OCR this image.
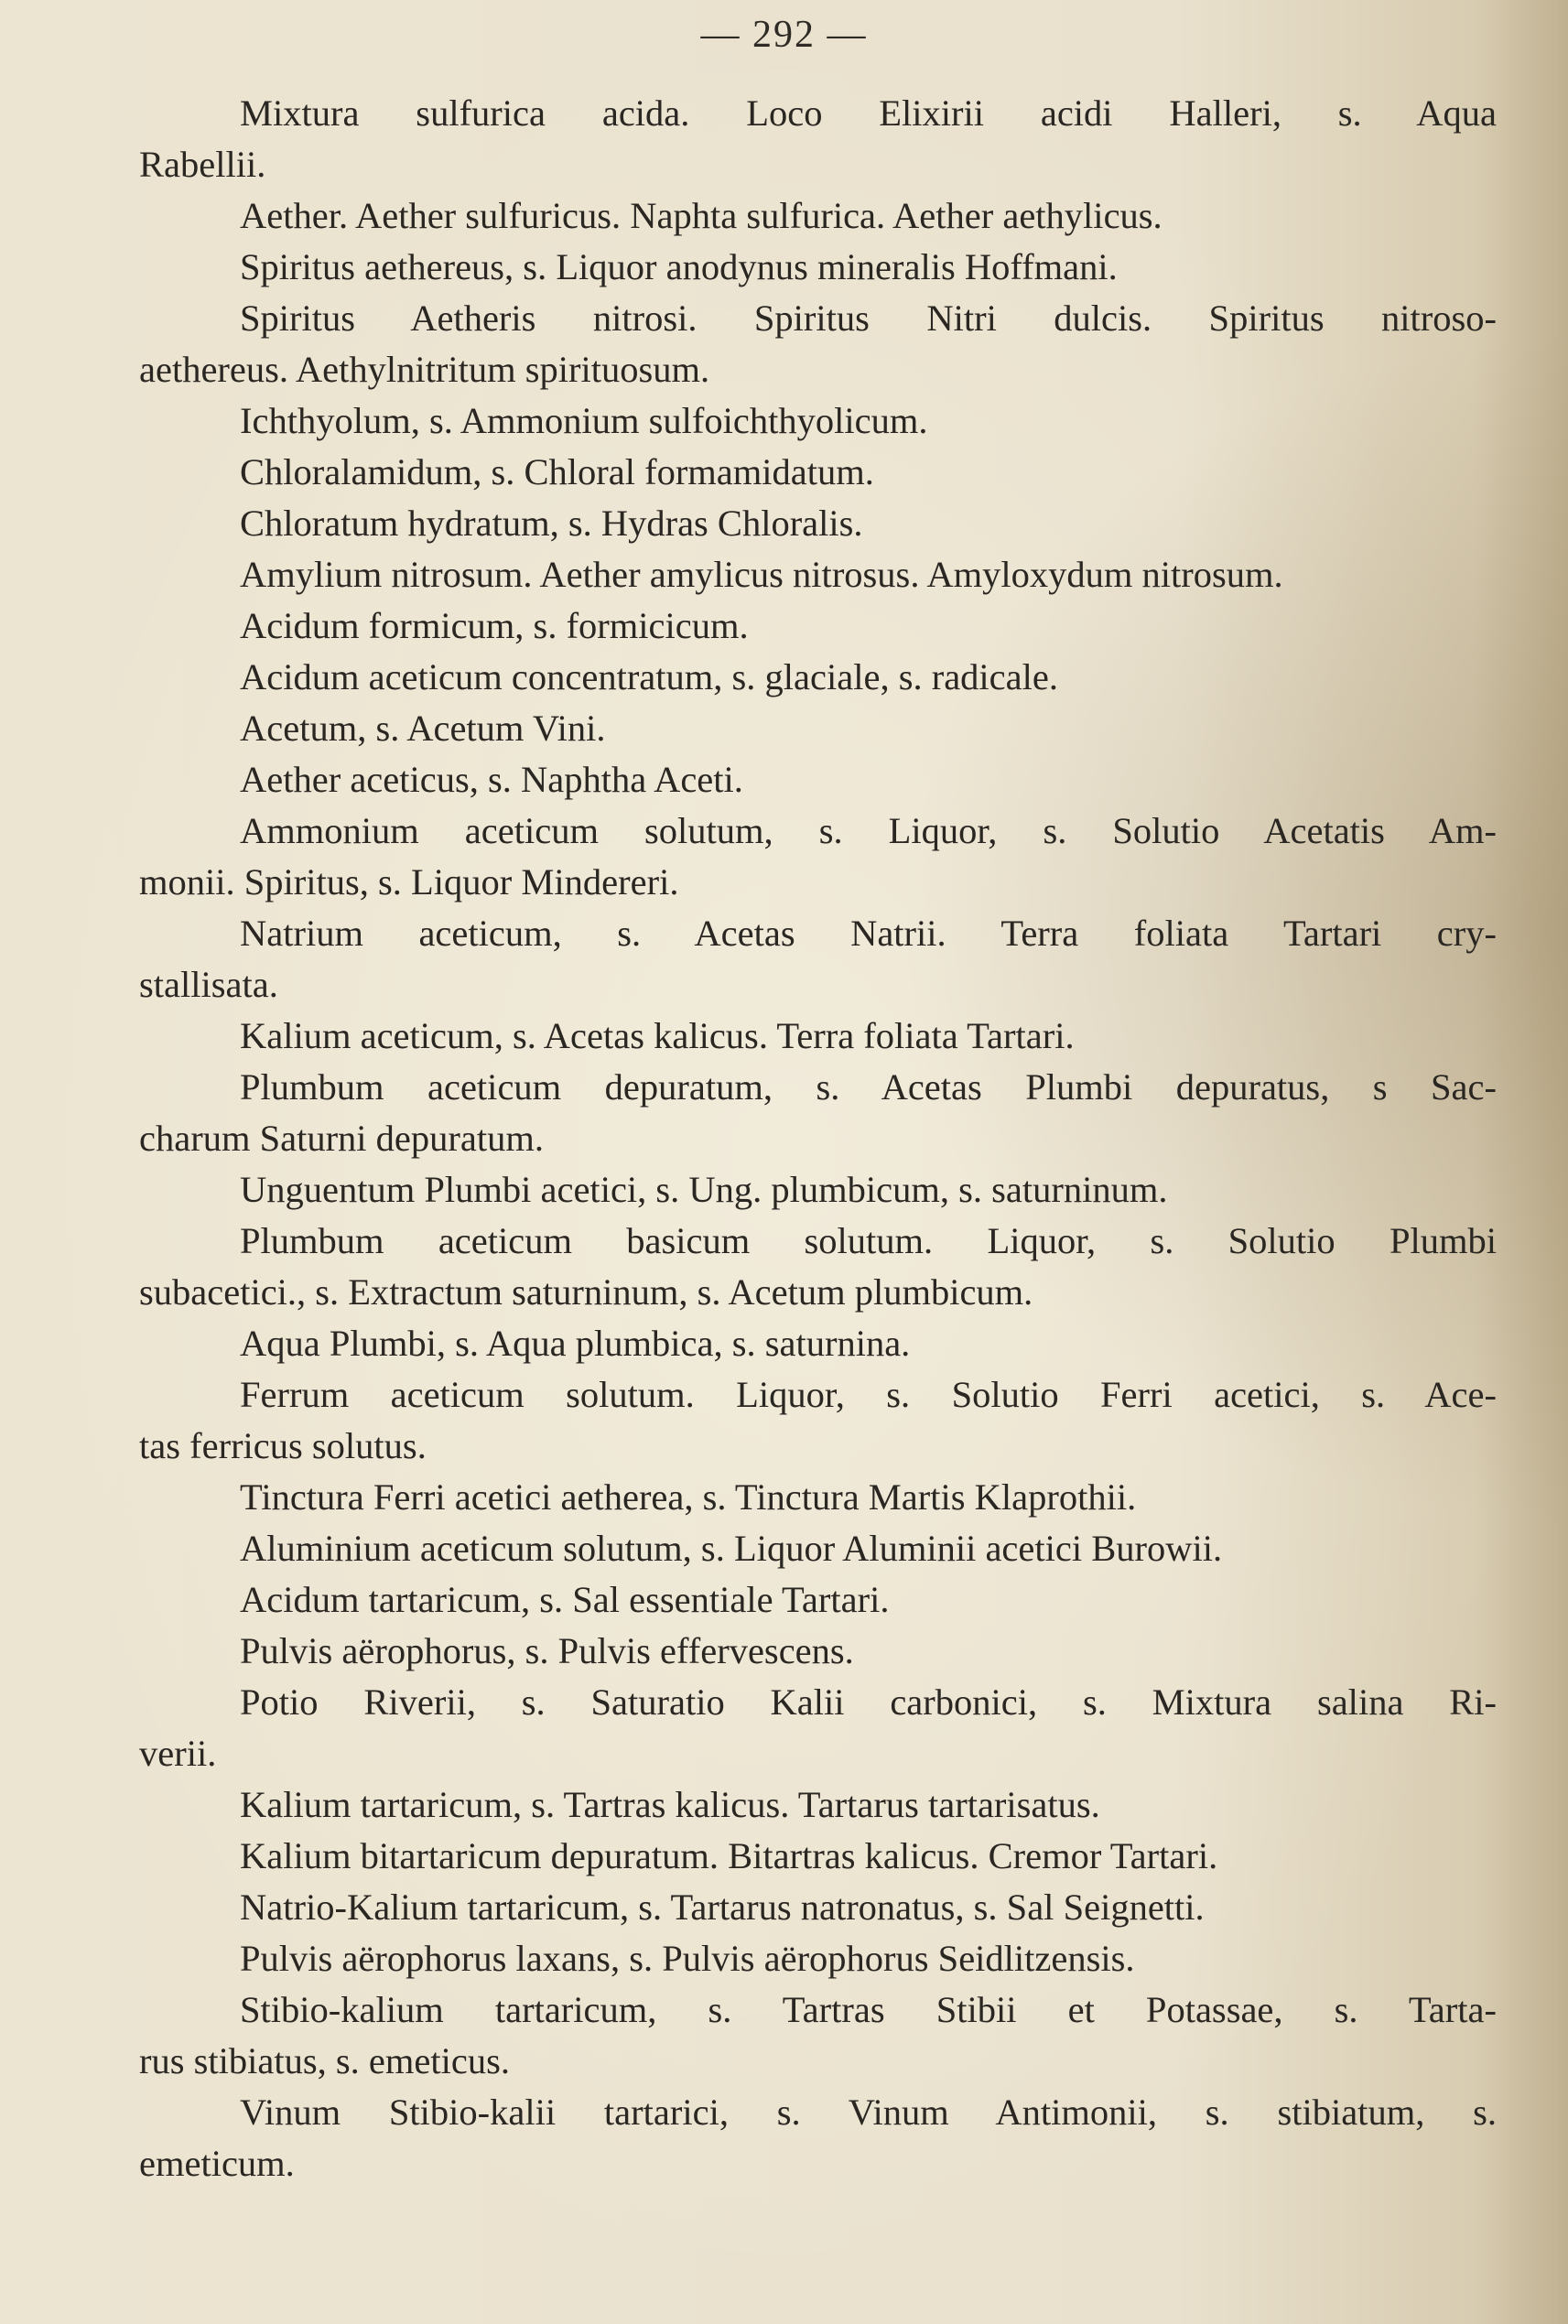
— 292 —
Mixtura sulfurica acida. Loco Elixirii acidi Halleri, s. Aqua
Rabellii.
Aether. Aether sulfuricus. Naphta sulfurica. Aether aethylicus.
Spiritus aethereus, s. Liquor anodynus mineralis Hoffmani.
Spiritus Aetheris nitrosi. Spiritus Nitri dulcis. Spiritus nitroso-
aethereus. Aethylnitritum spirituosum.
Ichthyolum, s. Ammonium sulfoichthyolicum.
Chloralamidum, s. Chloral formamidatum.
Chloratum hydratum, s. Hydras Chloralis.
Amylium nitrosum. Aether amylicus nitrosus. Amyloxydum nitrosum.
Acidum formicum, s. formicicum.
Acidum aceticum concentratum, s. glaciale, s. radicale.
Acetum, s. Acetum Vini.
Aether aceticus, s. Naphtha Aceti.
Ammonium aceticum solutum, s. Liquor, s. Solutio Acetatis Am-
monii. Spiritus, s. Liquor Mindereri.
Natrium aceticum, s. Acetas Natrii. Terra foliata Tartari cry-
stallisata.
Kalium aceticum, s. Acetas kalicus. Terra foliata Tartari.
Plumbum aceticum depuratum, s. Acetas Plumbi depuratus, s Sac-
charum Saturni depuratum.
Unguentum Plumbi acetici, s. Ung. plumbicum, s. saturninum.
Plumbum aceticum basicum solutum. Liquor, s. Solutio Plumbi
subacetici., s. Extractum saturninum, s. Acetum plumbicum.
Aqua Plumbi, s. Aqua plumbica, s. saturnina.
Ferrum aceticum solutum. Liquor, s. Solutio Ferri acetici, s. Ace-
tas ferricus solutus.
Tinctura Ferri acetici aetherea, s. Tinctura Martis Klaprothii.
Aluminium aceticum solutum, s. Liquor Aluminii acetici Burowii.
Acidum tartaricum, s. Sal essentiale Tartari.
Pulvis aërophorus, s. Pulvis effervescens.
Potio Riverii, s. Saturatio Kalii carbonici, s. Mixtura salina Ri-
verii.
Kalium tartaricum, s. Tartras kalicus. Tartarus tartarisatus.
Kalium bitartaricum depuratum. Bitartras kalicus. Cremor Tartari.
Natrio-Kalium tartaricum, s. Tartarus natronatus, s. Sal Seignetti.
Pulvis aërophorus laxans, s. Pulvis aërophorus Seidlitzensis.
Stibio-kalium tartaricum, s. Tartras Stibii et Potassae, s. Tarta-
rus stibiatus, s. emeticus.
Vinum Stibio-kalii tartarici, s. Vinum Antimonii, s. stibiatum, s.
emeticum.
